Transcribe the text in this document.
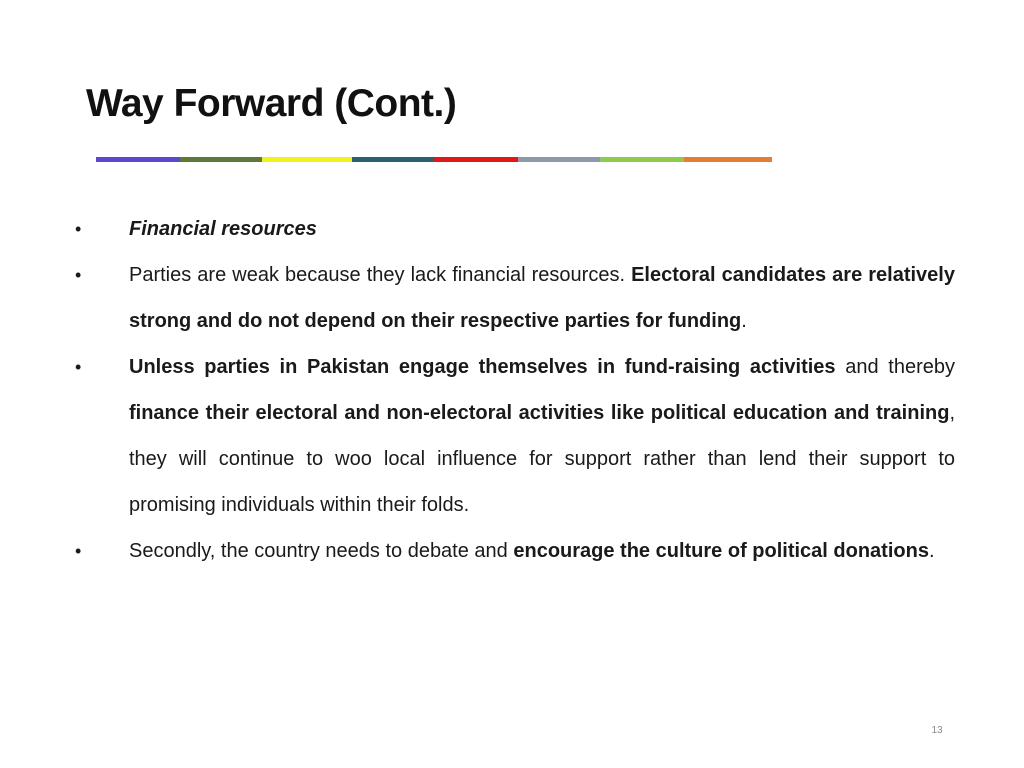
Way Forward (Cont.)
•	Financial resources
•	Parties are weak because they lack financial resources. Electoral candidates are relatively strong and do not depend on their respective parties for funding.
•	Unless parties in Pakistan engage themselves in fund-raising activities and thereby finance their electoral and non-electoral activities like political education and training, they will continue to woo local influence for support rather than lend their support to promising individuals within their folds.
•	Secondly, the country needs to debate and encourage the culture of political donations.
13
